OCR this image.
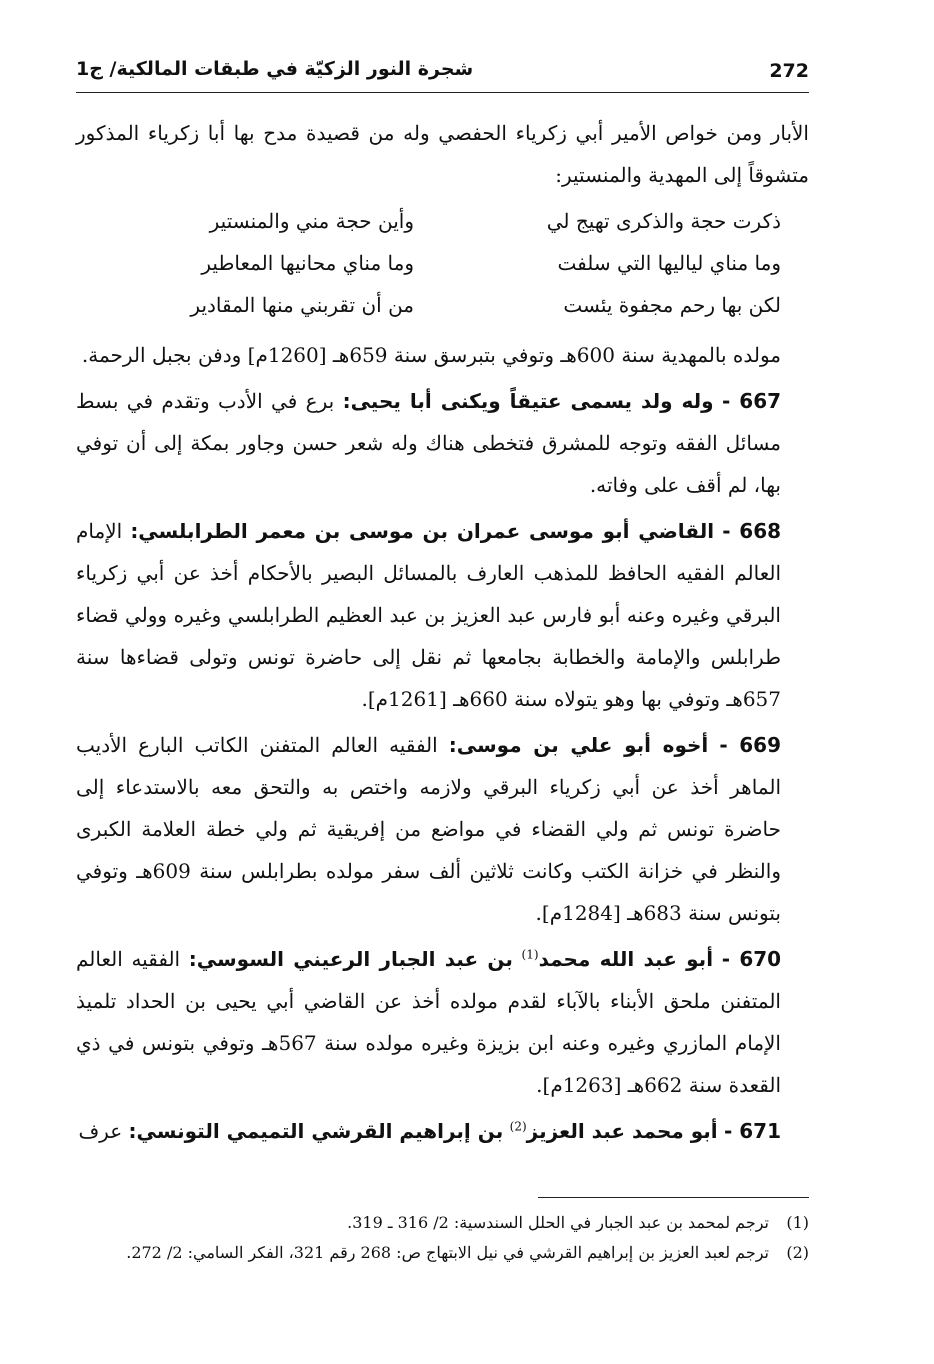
272
شجرة النور الزكيّة في طبقات المالكية/ ج1

الأبار ومن خواص الأمير أبي زكرياء الحفصي وله من قصيدة مدح بها أبا زكرياء المذكور متشوقاً إلى المهدية والمنستير:

ذكرت حجة والذكرى تهيج لي
وأين حجة مني والمنستير
وما مناي لياليها التي سلفت
وما مناي محانيها المعاطير
لكن بها رحم مجفوة يئست
من أن تقربني منها المقادير

مولده بالمهدية سنة 600هـ وتوفي بتبرسق سنة 659هـ [1260م] ودفن بجبل الرحمة.

667 - وله ولد يسمى عتيقاً ويكنى أبا يحيى: برع في الأدب وتقدم في بسط مسائل الفقه وتوجه للمشرق فتخطى هناك وله شعر حسن وجاور بمكة إلى أن توفي بها، لم أقف على وفاته.

668 - القاضي أبو موسى عمران بن موسى بن معمر الطرابلسي: الإمام العالم الفقيه الحافظ للمذهب العارف بالمسائل البصير بالأحكام أخذ عن أبي زكرياء البرقي وغيره وعنه أبو فارس عبد العزيز بن عبد العظيم الطرابلسي وغيره وولي قضاء طرابلس والإمامة والخطابة بجامعها ثم نقل إلى حاضرة تونس وتولى قضاءها سنة 657هـ وتوفي بها وهو يتولاه سنة 660هـ [1261م].

669 - أخوه أبو علي بن موسى: الفقيه العالم المتفنن الكاتب البارع الأديب الماهر أخذ عن أبي زكرياء البرقي ولازمه واختص به والتحق معه بالاستدعاء إلى حاضرة تونس ثم ولي القضاء في مواضع من إفريقية ثم ولي خطة العلامة الكبرى والنظر في خزانة الكتب وكانت ثلاثين ألف سفر مولده بطرابلس سنة 609هـ وتوفي بتونس سنة 683هـ [1284م].

670 - أبو عبد الله محمد$^{(1)}$ بن عبد الجبار الرعيني السوسي: الفقيه العالم المتفنن ملحق الأبناء بالآباء لقدم مولده أخذ عن القاضي أبي يحيى بن الحداد تلميذ الإمام المازري وغيره وعنه ابن بزيزة وغيره مولده سنة 567هـ وتوفي بتونس في ذي القعدة سنة 662هـ [1263م].

671 - أبو محمد عبد العزيز$^{(2)}$ بن إبراهيم القرشي التميمي التونسي: عرف

(1)
ترجم لمحمد بن عبد الجبار في الحلل السندسية: 2/ 316 ـ 319.
(2)
ترجم لعبد العزيز بن إبراهيم القرشي في نيل الابتهاج ص: 268 رقم 321، الفكر السامي: 2/ 272.
